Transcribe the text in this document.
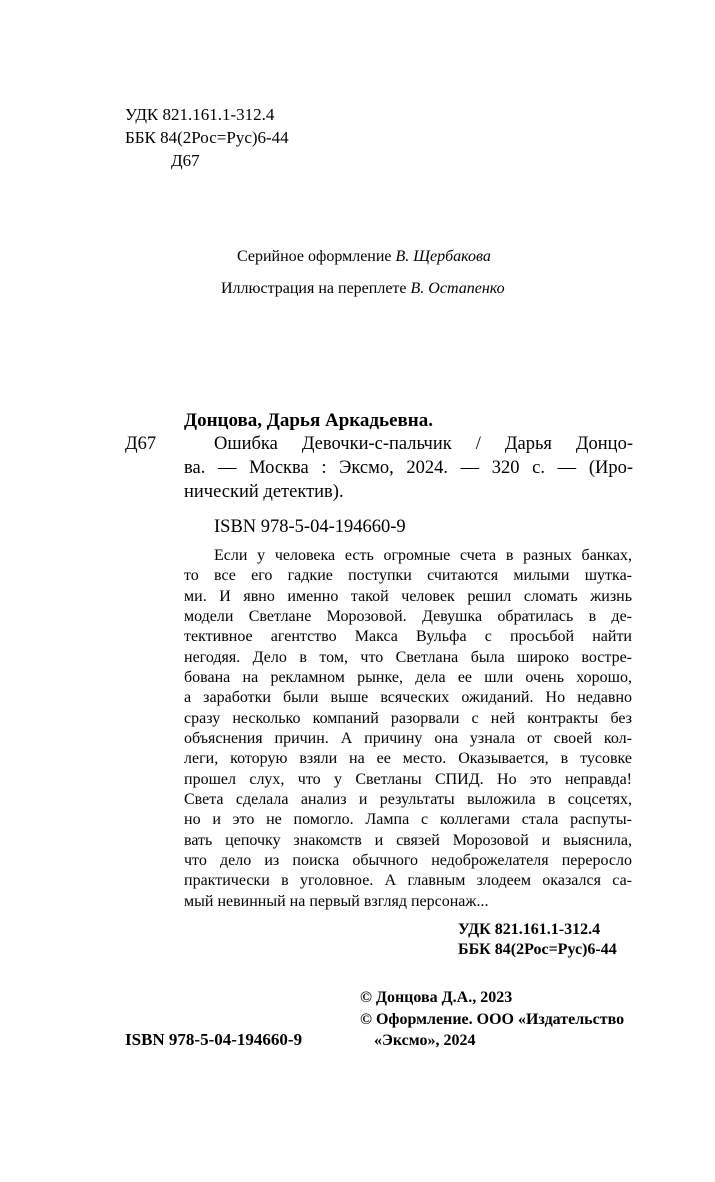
УДК 821.161.1-312.4
ББК 84(2Рос=Рус)6-44
Д67
Серийное оформление В. Щербакова
Иллюстрация на переплете В. Остапенко
Донцова, Дарья Аркадьевна.
Д67	Ошибка Девочки-с-пальчик / Дарья Донцо-
ва. — Москва : Эксмо, 2024. — 320 с. — (Иро-
нический детектив).
ISBN 978-5-04-194660-9
Если у человека есть огромные счета в разных банках,
то все его гадкие поступки считаются милыми шутка-
ми. И явно именно такой человек решил сломать жизнь
модели Светлане Морозовой. Девушка обратилась в де-
тективное агентство Макса Вульфа с просьбой найти
негодяя. Дело в том, что Светлана была широко востре-
бована на рекламном рынке, дела ее шли очень хорошо,
а заработки были выше всяческих ожиданий. Но недавно
сразу несколько компаний разорвали с ней контракты без
объяснения причин. А причину она узнала от своей кол-
леги, которую взяли на ее место. Оказывается, в тусовке
прошел слух, что у Светланы СПИД. Но это неправда!
Света сделала анализ и результаты выложила в соцсетях,
но и это не помогло. Лампа с коллегами стала распуты-
вать цепочку знакомств и связей Морозовой и выяснила,
что дело из поиска обычного недоброжелателя переросло
практически в уголовное. А главным злодеем оказался са-
мый невинный на первый взгляд персонаж...
УДК 821.161.1-312.4
ББК 84(2Рос=Рус)6-44
© Донцова Д.А., 2023
© Оформление. ООО «Издательство
«Эксмо», 2024
ISBN 978-5-04-194660-9
